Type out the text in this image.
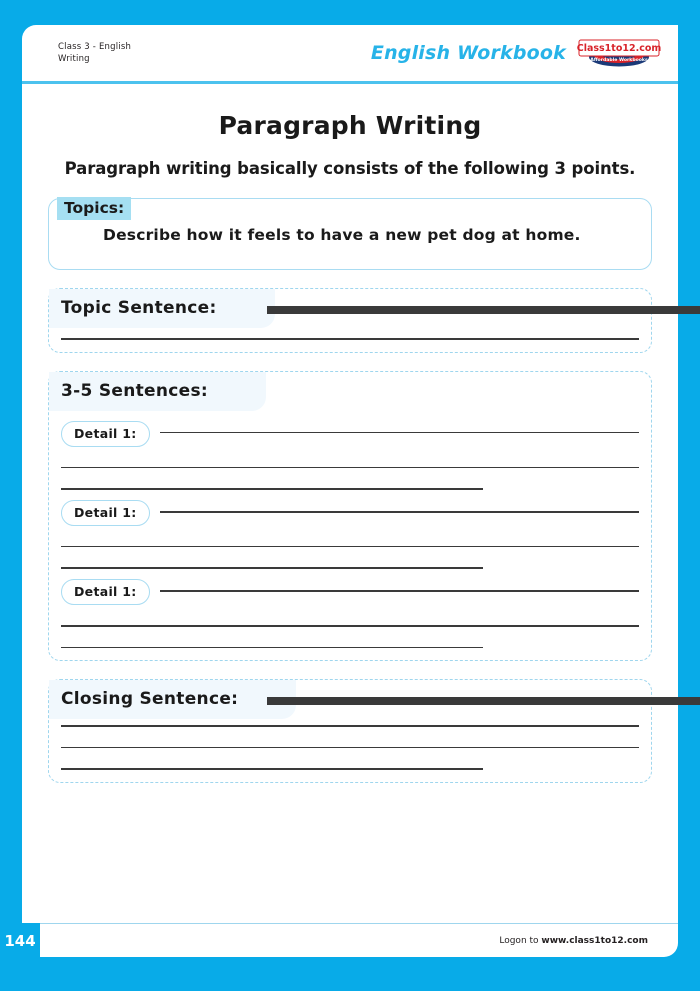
Class 3 - English
Writing	English Workbook Class1to12.com
Affordable Workbooks
Paragraph Writing
Paragraph writing basically consists of the following 3 points.
Topics:
Describe how it feels to have a new pet dog at home.
Topic Sentence:
3-5 Sentences:
Detail 1:
Detail 1:
Detail 1:
Closing Sentence:
144	Logon to www.class1to12.com
